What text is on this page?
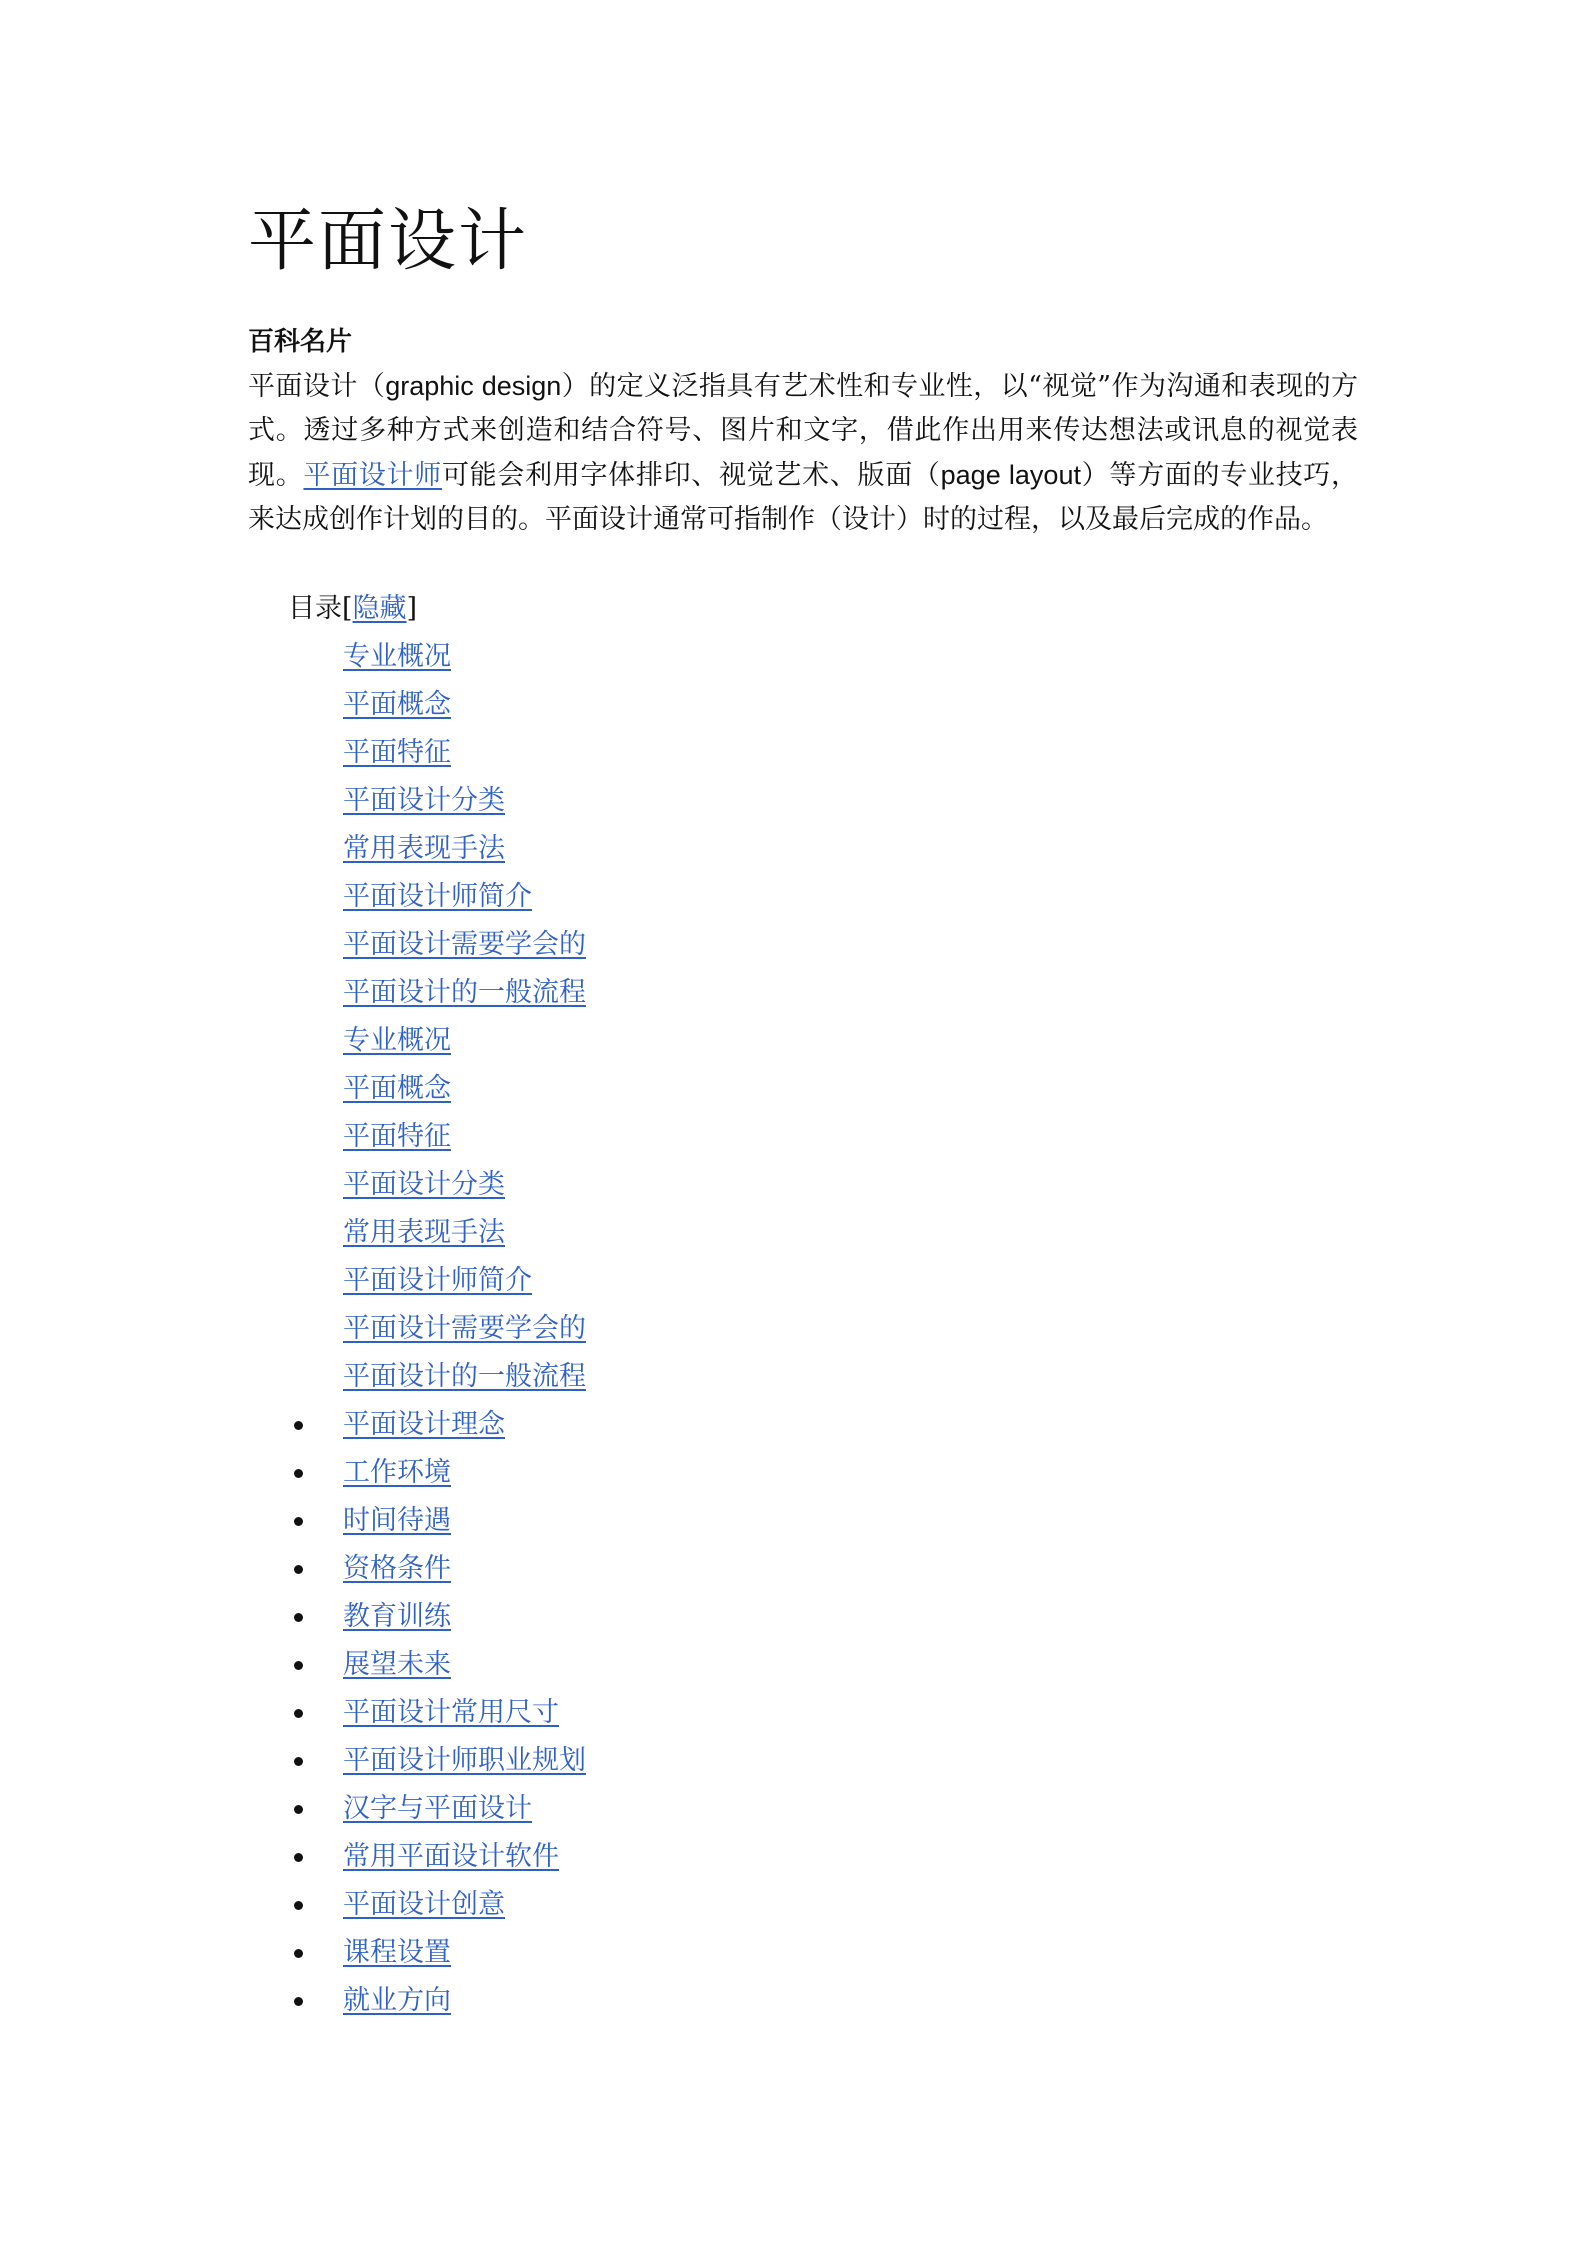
平面设计
百科名片

平面设计（graphic design）的定义泛指具有艺术性和专业性，以“视觉”作为沟通和表现的方式。透过多种方式来创造和结合符号、图片和文字，借此作出用来传达想法或讯息的视觉表现。平面设计师可能会利用字体排印、视觉艺术、版面（page layout）等方面的专业技巧，来达成创作计划的目的。平面设计通常可指制作（设计）时的过程，以及最后完成的作品。

目录[隐藏]
专业概况
平面概念
平面特征
平面设计分类
常用表现手法
平面设计师简介
平面设计需要学会的
平面设计的一般流程
专业概况
平面概念
平面特征
平面设计分类
常用表现手法
平面设计师简介
平面设计需要学会的
平面设计的一般流程
平面设计理念
工作环境
时间待遇
资格条件
教育训练
展望未来
平面设计常用尺寸
平面设计师职业规划
汉字与平面设计
常用平面设计软件
平面设计创意
课程设置
就业方向
